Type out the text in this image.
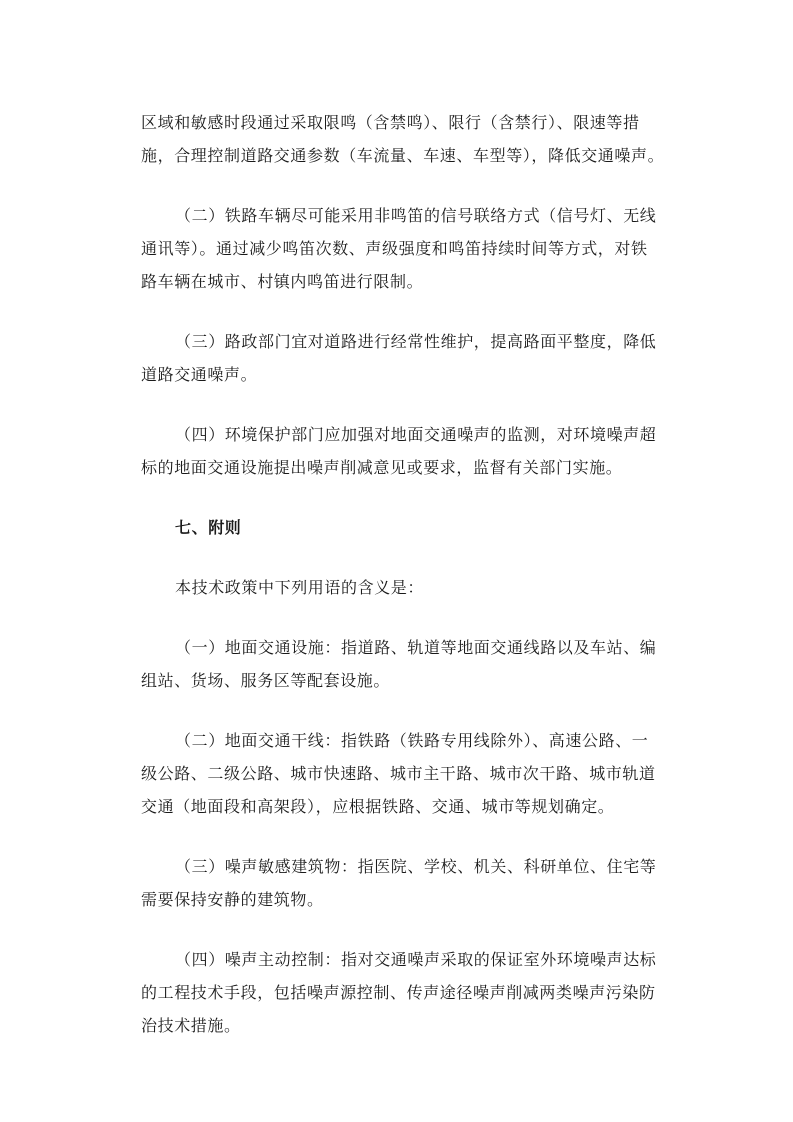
区域和敏感时段通过采取限鸣（含禁鸣）、限行（含禁行）、限速等措
施，合理控制道路交通参数（车流量、车速、车型等），降低交通噪声。

（二）铁路车辆尽可能采用非鸣笛的信号联络方式（信号灯、无线
通讯等）。通过减少鸣笛次数、声级强度和鸣笛持续时间等方式，对铁
路车辆在城市、村镇内鸣笛进行限制。

（三）路政部门宜对道路进行经常性维护，提高路面平整度，降低
道路交通噪声。

（四）环境保护部门应加强对地面交通噪声的监测，对环境噪声超
标的地面交通设施提出噪声削减意见或要求，监督有关部门实施。

七、附则

本技术政策中下列用语的含义是：

（一）地面交通设施：指道路、轨道等地面交通线路以及车站、编
组站、货场、服务区等配套设施。

（二）地面交通干线：指铁路（铁路专用线除外）、高速公路、一
级公路、二级公路、城市快速路、城市主干路、城市次干路、城市轨道
交通（地面段和高架段），应根据铁路、交通、城市等规划确定。

（三）噪声敏感建筑物：指医院、学校、机关、科研单位、住宅等
需要保持安静的建筑物。

（四）噪声主动控制：指对交通噪声采取的保证室外环境噪声达标
的工程技术手段，包括噪声源控制、传声途径噪声削减两类噪声污染防
治技术措施。
